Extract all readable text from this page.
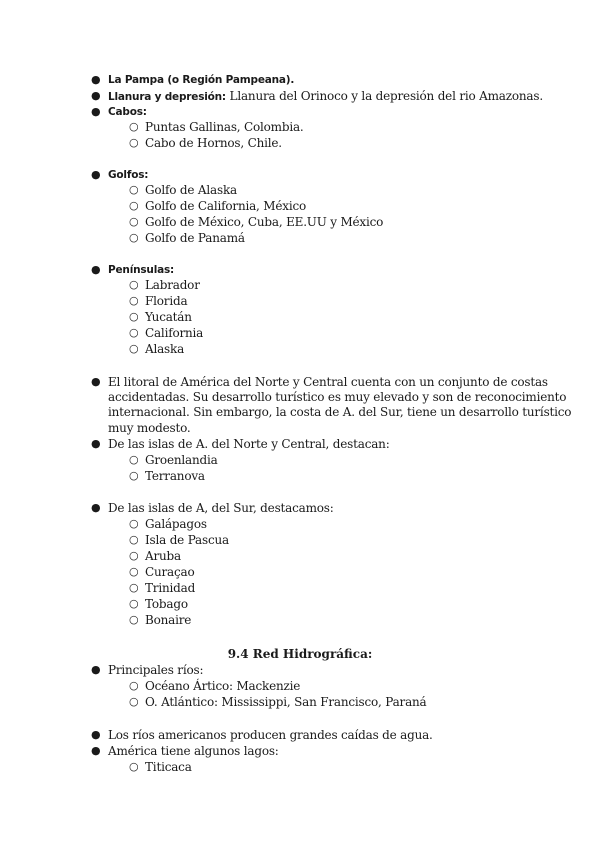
● La Pampa (o Región Pampeana).
● Llanura y depresión: Llanura del Orinoco y la depresión del rio Amazonas.
● Cabos:
○ Puntas Gallinas, Colombia.
○ Cabo de Hornos, Chile.
● Golfos:
○ Golfo de Alaska
○ Golfo de California, México
○ Golfo de México, Cuba, EE.UU y México
○ Golfo de Panamá
● Penínsulas:
○ Labrador
○ Florida
○ Yucatán
○ California
○ Alaska
● El litoral de América del Norte y Central cuenta con un conjunto de costas
accidentadas. Su desarrollo turístico es muy elevado y son de reconocimiento
internacional. Sin embargo, la costa de A. del Sur, tiene un desarrollo turístico
muy modesto.
● De las islas de A. del Norte y Central, destacan:
○ Groenlandia
○ Terranova
● De las islas de A, del Sur, destacamos:
○ Galápagos
○ Isla de Pascua
○ Aruba
○ Curaçao
○ Trinidad
○ Tobago
○ Bonaire
9.4 Red Hidrográfica:
● Principales ríos:
○ Océano Ártico: Mackenzie
○ O. Atlántico: Mississippi, San Francisco, Paraná
● Los ríos americanos producen grandes caídas de agua.
● América tiene algunos lagos:
○ Titicaca
